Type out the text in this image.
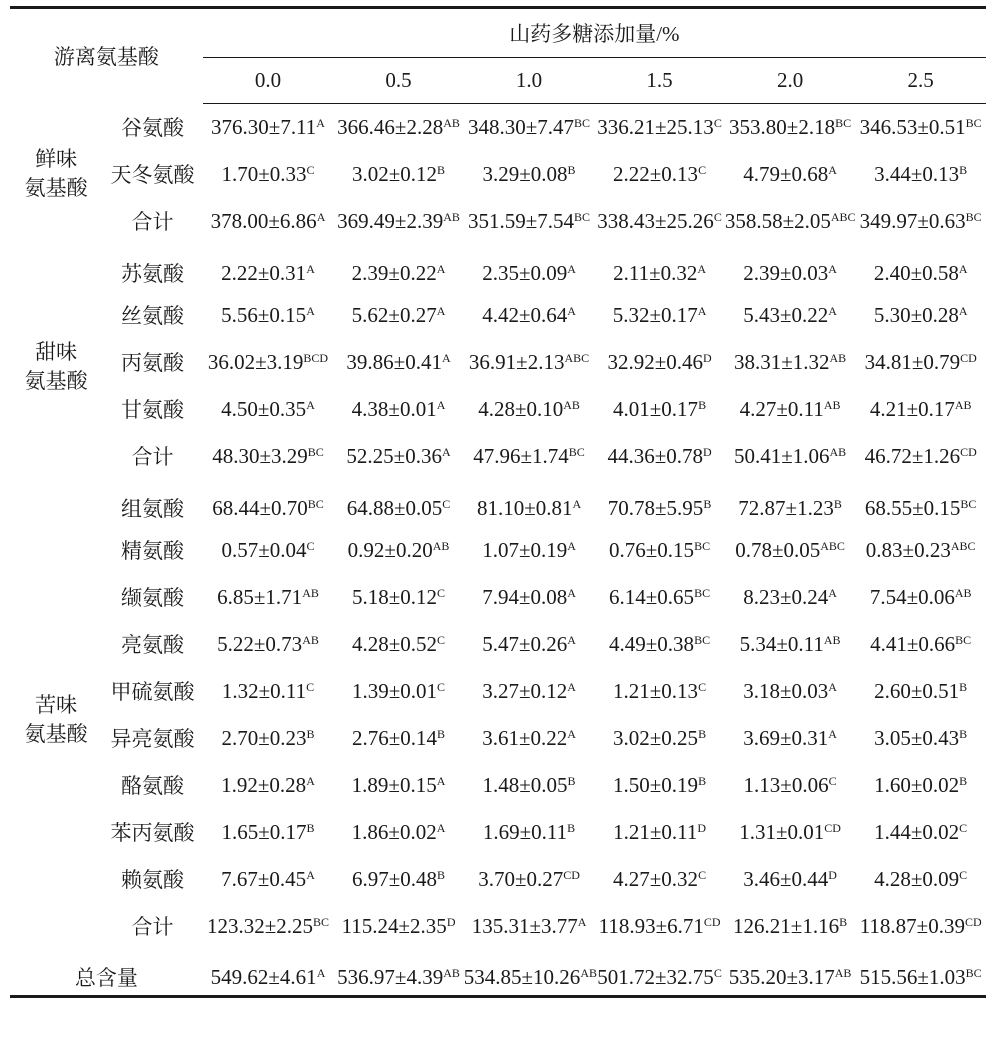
游离氨基酸		山药多糖添加量/%					
		0.0	0.5	1.0	1.5	2.0	2.5
鲜味
氨基酸	谷氨酸	$376.30\pm 7.11^A$	$366.46\pm 2.28^{AB}$	$348.30\pm 7.47^{BC}$	$336.21\pm 25.13^C$	$353.80\pm 2.18^{BC}$	$346.53\pm 0.51^{BC}$
	天冬氨酸	$1.70\pm 0.33^C$	$3.02\pm 0.12^B$	$3.29\pm 0.08^B$	$2.22\pm 0.13^C$	$4.79\pm 0.68^A$	$3.44\pm 0.13^B$
	合计	$378.00\pm 6.86^A$	$369.49\pm 2.39^{AB}$	$351.59\pm 7.54^{BC}$	$338.43\pm 25.26^C$	$358.58\pm 2.05^{ABC}$	$349.97\pm 0.63^{BC}$
甜味
氨基酸	苏氨酸	$2.22\pm 0.31^A$	$2.39\pm 0.22^A$	$2.35\pm 0.09^A$	$2.11\pm 0.32^A$	$2.39\pm 0.03^A$	$2.40\pm 0.58^A$
	丝氨酸	$5.56\pm 0.15^A$	$5.62\pm 0.27^A$	$4.42\pm 0.64^A$	$5.32\pm 0.17^A$	$5.43\pm 0.22^A$	$5.30\pm 0.28^A$
	丙氨酸	$36.02\pm 3.19^{BCD}$	$39.86\pm 0.41^A$	$36.91\pm 2.13^{ABC}$	$32.92\pm 0.46^D$	$38.31\pm 1.32^{AB}$	$34.81\pm 0.79^{CD}$
	甘氨酸	$4.50\pm 0.35^A$	$4.38\pm 0.01^A$	$4.28\pm 0.10^{AB}$	$4.01\pm 0.17^B$	$4.27\pm 0.11^{AB}$	$4.21\pm 0.17^{AB}$
	合计	$48.30\pm 3.29^{BC}$	$52.25\pm 0.36^A$	$47.96\pm 1.74^{BC}$	$44.36\pm 0.78^D$	$50.41\pm 1.06^{AB}$	$46.72\pm 1.26^{CD}$
苦味
氨基酸	组氨酸	$68.44\pm 0.70^{BC}$	$64.88\pm 0.05^C$	$81.10\pm 0.81^A$	$70.78\pm 5.95^B$	$72.87\pm 1.23^B$	$68.55\pm 0.15^{BC}$
	精氨酸	$0.57\pm 0.04^C$	$0.92\pm 0.20^{AB}$	$1.07\pm 0.19^A$	$0.76\pm 0.15^{BC}$	$0.78\pm 0.05^{ABC}$	$0.83\pm 0.23^{ABC}$
	缬氨酸	$6.85\pm 1.71^{AB}$	$5.18\pm 0.12^C$	$7.94\pm 0.08^A$	$6.14\pm 0.65^{BC}$	$8.23\pm 0.24^A$	$7.54\pm 0.06^{AB}$
	亮氨酸	$5.22\pm 0.73^{AB}$	$4.28\pm 0.52^C$	$5.47\pm 0.26^A$	$4.49\pm 0.38^{BC}$	$5.34\pm 0.11^{AB}$	$4.41\pm 0.66^{BC}$
	甲硫氨酸	$1.32\pm 0.11^C$	$1.39\pm 0.01^C$	$3.27\pm 0.12^A$	$1.21\pm 0.13^C$	$3.18\pm 0.03^A$	$2.60\pm 0.51^B$
	异亮氨酸	$2.70\pm 0.23^B$	$2.76\pm 0.14^B$	$3.61\pm 0.22^A$	$3.02\pm 0.25^B$	$3.69\pm 0.31^A$	$3.05\pm 0.43^B$
	酪氨酸	$1.92\pm 0.28^A$	$1.89\pm 0.15^A$	$1.48\pm 0.05^B$	$1.50\pm 0.19^B$	$1.13\pm 0.06^C$	$1.60\pm 0.02^B$
	苯丙氨酸	$1.65\pm 0.17^B$	$1.86\pm 0.02^A$	$1.69\pm 0.11^B$	$1.21\pm 0.11^D$	$1.31\pm 0.01^{CD}$	$1.44\pm 0.02^C$
	赖氨酸	$7.67\pm 0.45^A$	$6.97\pm 0.48^B$	$3.70\pm 0.27^{CD}$	$4.27\pm 0.32^C$	$3.46\pm 0.44^D$	$4.28\pm 0.09^C$
	合计	$123.32\pm 2.25^{BC}$	$115.24\pm 2.35^D$	$135.31\pm 3.77^A$	$118.93\pm 6.71^{CD}$	$126.21\pm 1.16^B$	$118.87\pm 0.39^{CD}$
总含量		$549.62\pm 4.61^A$	$536.97\pm 4.39^{AB}$	$534.85\pm 10.26^{AB}$	$501.72\pm 32.75^C$	$535.20\pm 3.17^{AB}$	$515.56\pm 1.03^{BC}$
